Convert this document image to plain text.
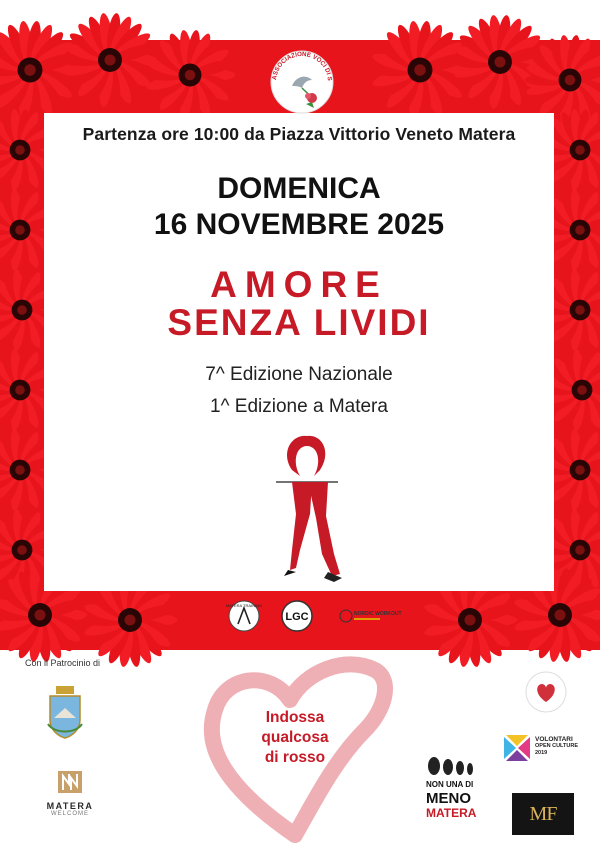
ASSOCIAZIONE VOCI DI S
Partenza ore 10:00 da Piazza Vittorio Veneto Matera
DOMENICA
16 NOVEMBRE 2025
AMORE
SENZA LIVIDI
7^ Edizione Nazionale
1^ Edizione a Matera
MATERA TRAINING
LGC	NORDIC WORKOUT
Con il Patrocinio di
MATERA
WELCOME
Indossa
qualcosa
di rosso
NON UNA DI
MENO
MATERA
VOLONTARI
OPEN CULTURE
2019
MF
